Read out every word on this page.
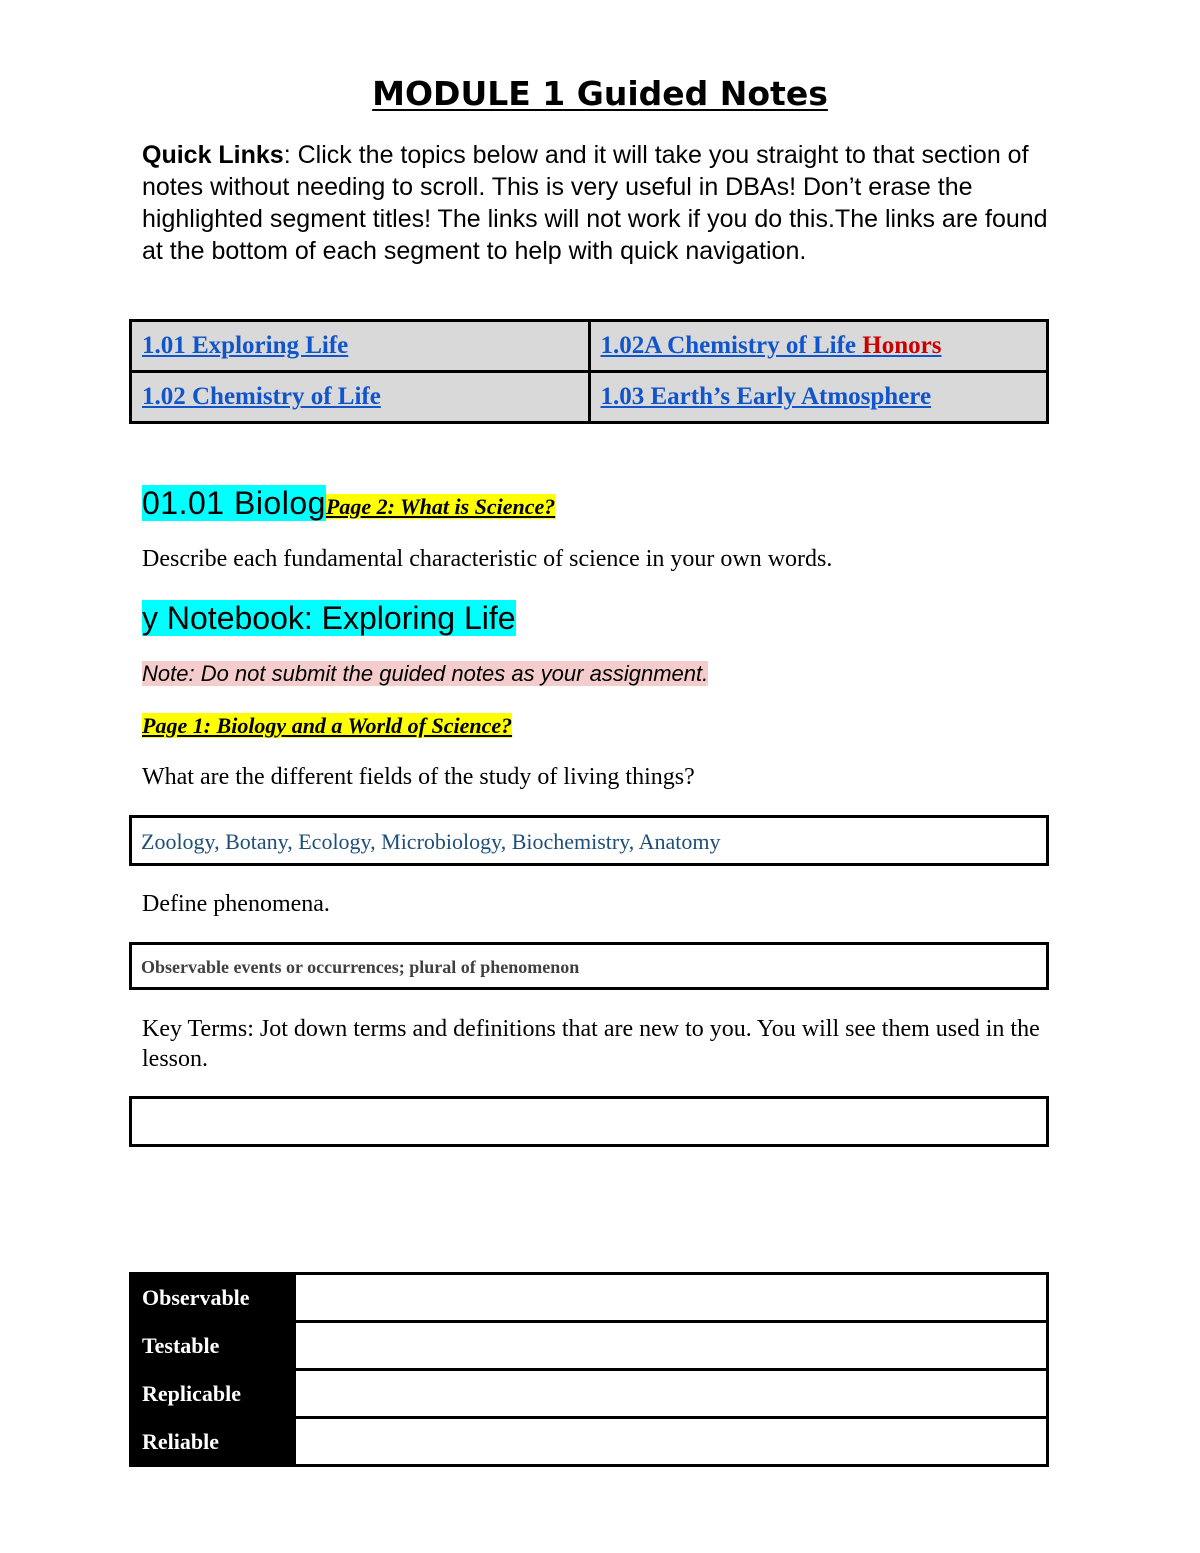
MODULE 1 Guided Notes
Quick Links: Click the topics below and it will take you straight to that section of notes without needing to scroll. This is very useful in DBAs! Don’t erase the highlighted segment titles! The links will not work if you do this.The links are found at the bottom of each segment to help with quick navigation.
1.01 Exploring Life	1.02A Chemistry of Life Honors
1.02 Chemistry of Life	1.03 Earth’s Early Atmosphere
01.01 BiologPage 2: What is Science?
Describe each fundamental characteristic of science in your own words.
y Notebook: Exploring Life
Note: Do not submit the guided notes as your assignment.
Page 1: Biology and a World of Science?
What are the different fields of the study of living things?
Zoology, Botany, Ecology, Microbiology, Biochemistry, Anatomy
Define phenomena.
Observable events or occurrences; plural of phenomenon
Key Terms: Jot down terms and definitions that are new to you. You will see them used in the lesson.
Observable	
Testable	
Replicable	
Reliable	
